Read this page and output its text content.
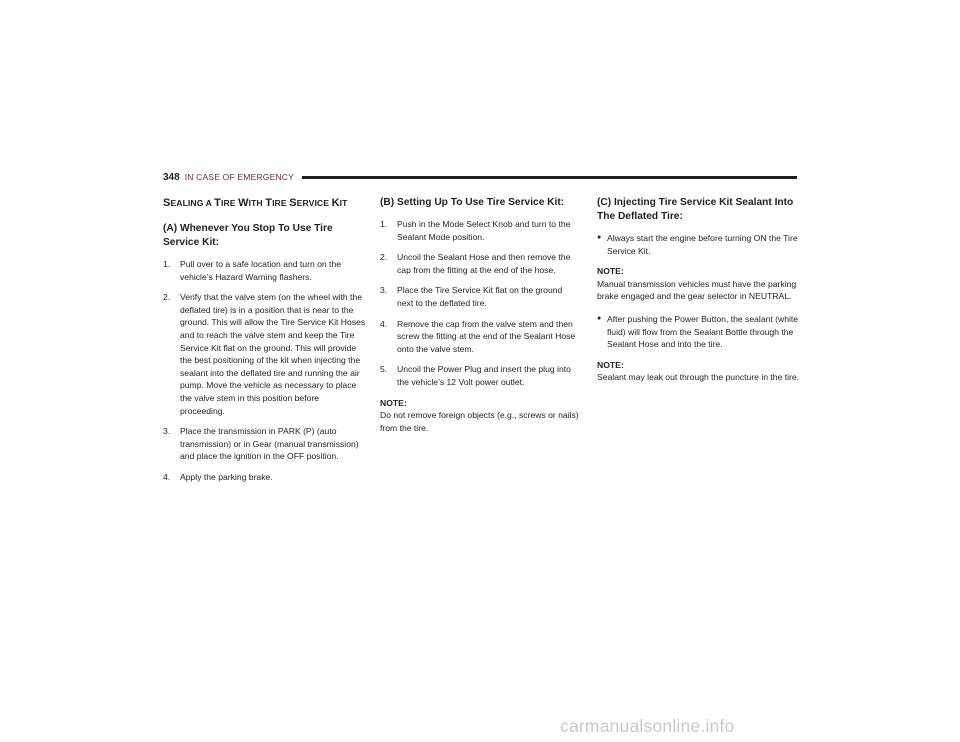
348 IN CASE OF EMERGENCY
SEALING A TIRE WITH TIRE SERVICE KIT
(A) Whenever You Stop To Use Tire Service Kit:
1. Pull over to a safe location and turn on the vehicle’s Hazard Warning flashers.
2. Verify that the valve stem (on the wheel with the deflated tire) is in a position that is near to the ground. This will allow the Tire Service Kit Hoses and to reach the valve stem and keep the Tire Service Kit flat on the ground. This will provide the best positioning of the kit when injecting the sealant into the deflated tire and running the air pump. Move the vehicle as necessary to place the valve stem in this position before proceeding.
3. Place the transmission in PARK (P) (auto transmission) or in Gear (manual transmission) and place the ignition in the OFF position.
4. Apply the parking brake.
(B) Setting Up To Use Tire Service Kit:
1. Push in the Mode Select Knob and turn to the Sealant Mode position.
2. Uncoil the Sealant Hose and then remove the cap from the fitting at the end of the hose.
3. Place the Tire Service Kit flat on the ground next to the deflated tire.
4. Remove the cap from the valve stem and then screw the fitting at the end of the Sealant Hose onto the valve stem.
5. Uncoil the Power Plug and insert the plug into the vehicle’s 12 Volt power outlet.
NOTE:
Do not remove foreign objects (e.g., screws or nails) from the tire.
(C) Injecting Tire Service Kit Sealant Into The Deflated Tire:
● Always start the engine before turning ON the Tire Service Kit.
NOTE:
Manual transmission vehicles must have the parking brake engaged and the gear selector in NEUTRAL.
● After pushing the Power Button, the sealant (white fluid) will flow from the Sealant Bottle through the Sealant Hose and into the tire.
NOTE:
Sealant may leak out through the puncture in the tire.
carmanualsonline.info
